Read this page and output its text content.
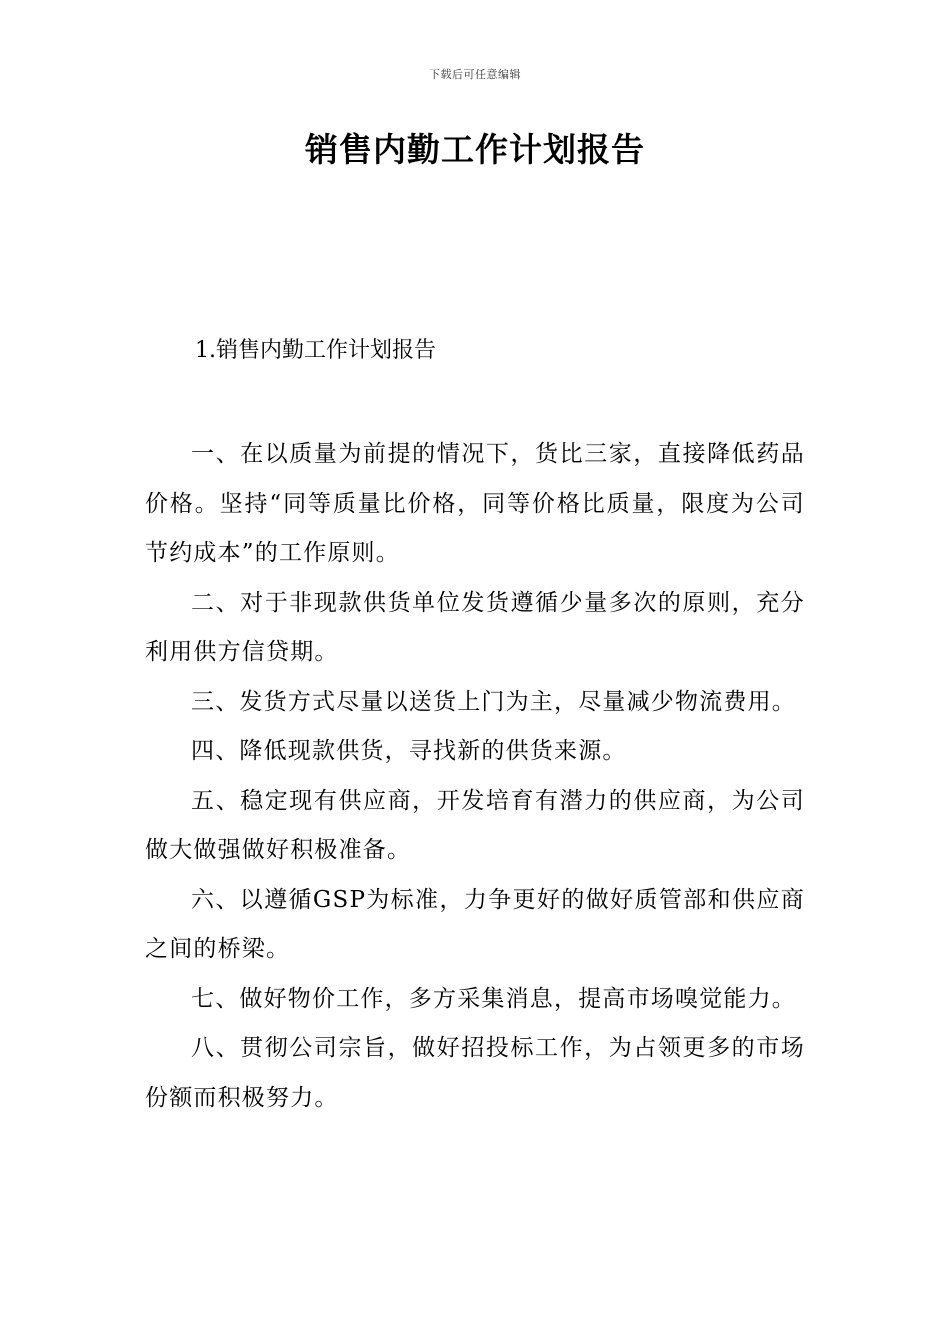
下载后可任意编辑
销售内勤工作计划报告
1.销售内勤工作计划报告

一、在以质量为前提的情况下，货比三家，直接降低药品价格。坚持“同等质量比价格，同等价格比质量，限度为公司节约成本”的工作原则。

二、对于非现款供货单位发货遵循少量多次的原则，充分利用供方信贷期。

三、发货方式尽量以送货上门为主，尽量减少物流费用。

四、降低现款供货，寻找新的供货来源。

五、稳定现有供应商，开发培育有潜力的供应商，为公司做大做强做好积极准备。

六、以遵循GSP为标准，力争更好的做好质管部和供应商之间的桥梁。

七、做好物价工作，多方采集消息，提高市场嗅觉能力。

八、贯彻公司宗旨，做好招投标工作，为占领更多的市场份额而积极努力。
